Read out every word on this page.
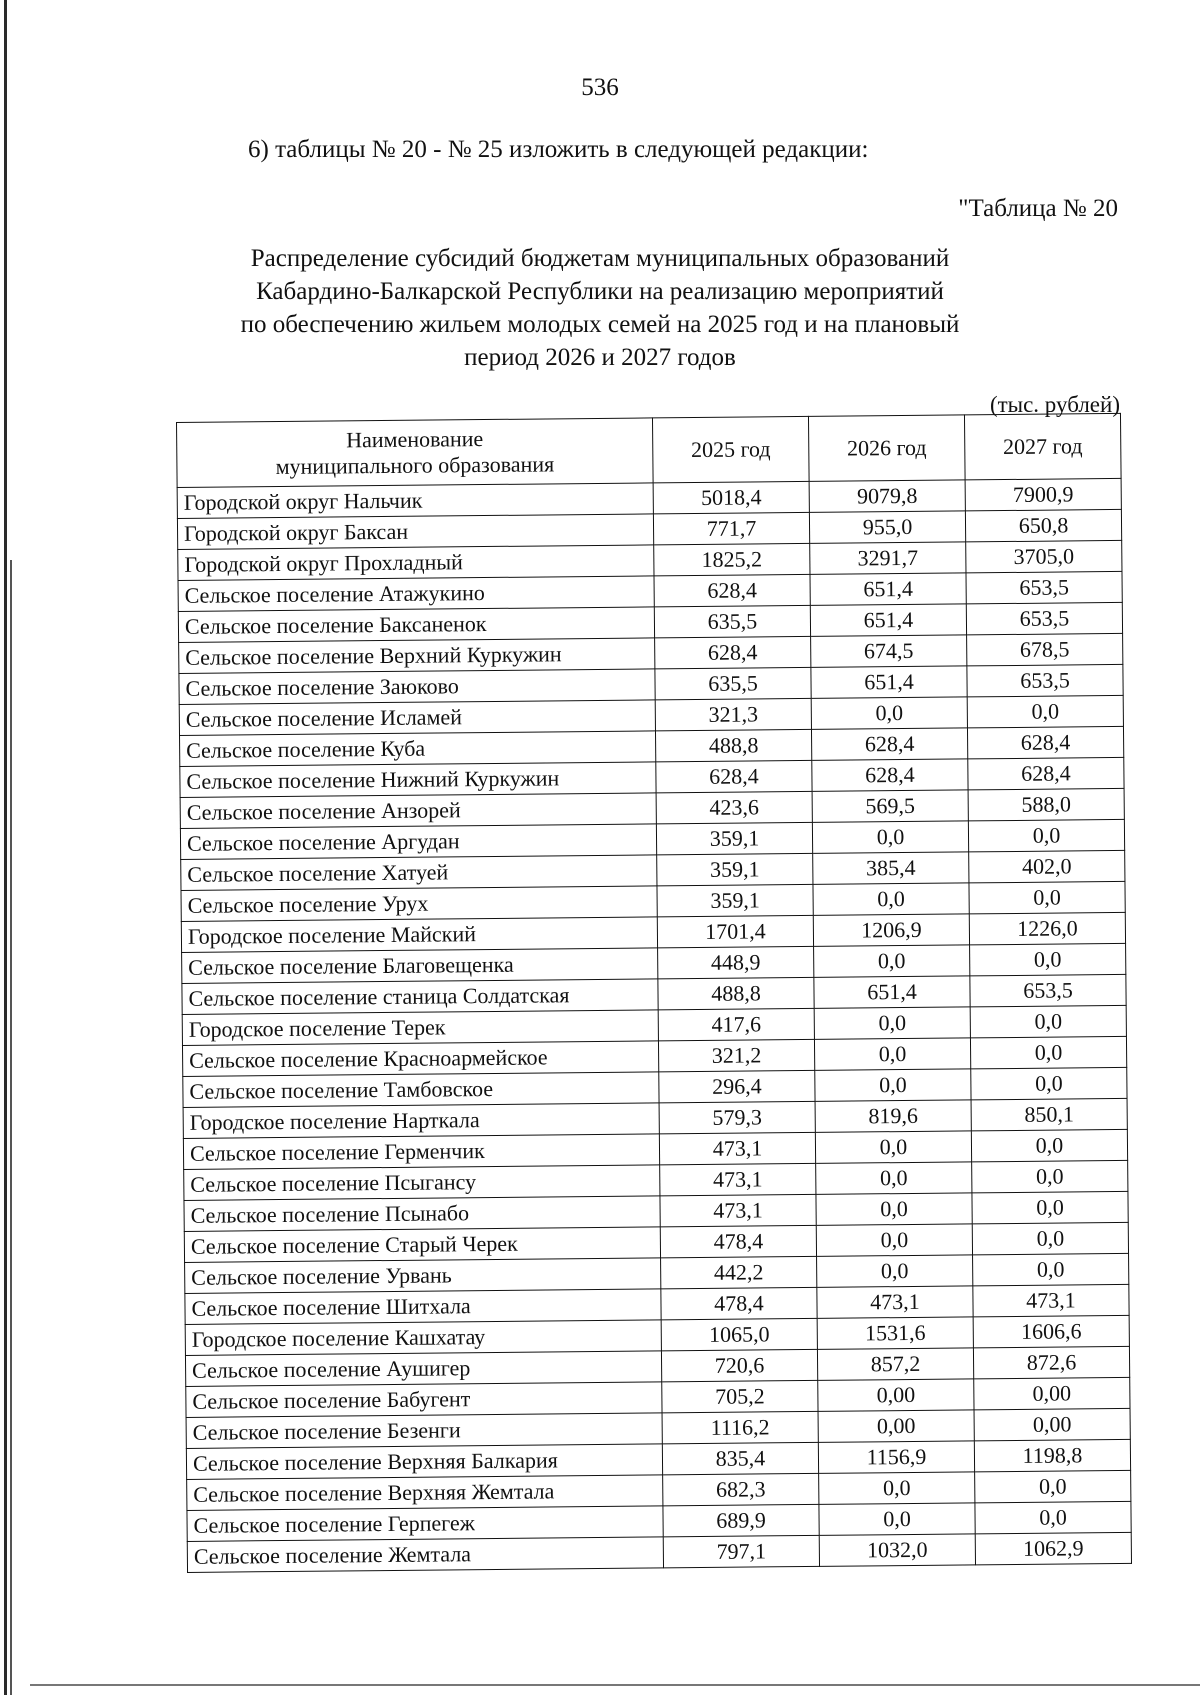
536
6) таблицы № 20 - № 25 изложить в следующей редакции:
"Таблица № 20
Распределение субсидий бюджетам муниципальных образований
Кабардино-Балкарской Республики на реализацию мероприятий
по обеспечению жильем молодых семей на 2025 год и на плановый
период 2026 и 2027 годов
(тыс. рублей)
Наименование
муниципального образования	2025 год	2026 год	2027 год
Городской округ Нальчик	5018,4	9079,8	7900,9
Городской округ Баксан	771,7	955,0	650,8
Городской округ Прохладный	1825,2	3291,7	3705,0
Сельское поселение Атажукино	628,4	651,4	653,5
Сельское поселение Баксаненок	635,5	651,4	653,5
Сельское поселение Верхний Куркужин	628,4	674,5	678,5
Сельское поселение Заюково	635,5	651,4	653,5
Сельское поселение Исламей	321,3	0,0	0,0
Сельское поселение Куба	488,8	628,4	628,4
Сельское поселение Нижний Куркужин	628,4	628,4	628,4
Сельское поселение Анзорей	423,6	569,5	588,0
Сельское поселение Аргудан	359,1	0,0	0,0
Сельское поселение Хатуей	359,1	385,4	402,0
Сельское поселение Урух	359,1	0,0	0,0
Городское поселение Майский	1701,4	1206,9	1226,0
Сельское поселение Благовещенка	448,9	0,0	0,0
Сельское поселение станица Солдатская	488,8	651,4	653,5
Городское поселение Терек	417,6	0,0	0,0
Сельское поселение Красноармейское	321,2	0,0	0,0
Сельское поселение Тамбовское	296,4	0,0	0,0
Городское поселение Нарткала	579,3	819,6	850,1
Сельское поселение Герменчик	473,1	0,0	0,0
Сельское поселение Псыгансу	473,1	0,0	0,0
Сельское поселение Псынабо	473,1	0,0	0,0
Сельское поселение Старый Черек	478,4	0,0	0,0
Сельское поселение Урвань	442,2	0,0	0,0
Сельское поселение Шитхала	478,4	473,1	473,1
Городское поселение Кашхатау	1065,0	1531,6	1606,6
Сельское поселение Аушигер	720,6	857,2	872,6
Сельское поселение Бабугент	705,2	0,00	0,00
Сельское поселение Безенги	1116,2	0,00	0,00
Сельское поселение Верхняя Балкария	835,4	1156,9	1198,8
Сельское поселение Верхняя Жемтала	682,3	0,0	0,0
Сельское поселение Герпегеж	689,9	0,0	0,0
Сельское поселение Жемтала	797,1	1032,0	1062,9
